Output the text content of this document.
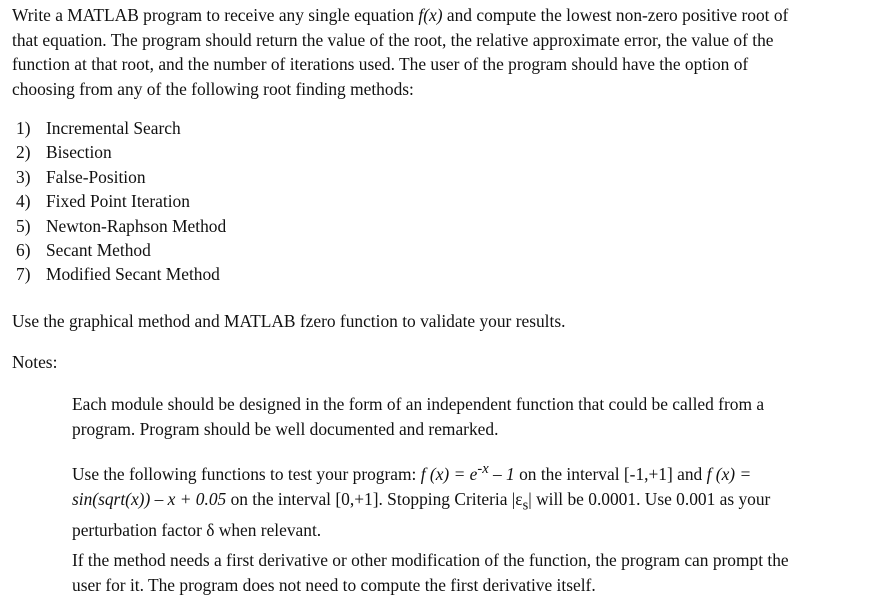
Write a MATLAB program to receive any single equation f(x) and compute the lowest non-zero positive root of that equation. The program should return the value of the root, the relative approximate error, the value of the function at that root, and the number of iterations used. The user of the program should have the option of choosing from any of the following root finding methods:

1) Incremental Search
2) Bisection
3) False-Position
4) Fixed Point Iteration
5) Newton-Raphson Method
6) Secant Method
7) Modified Secant Method

Use the graphical method and MATLAB fzero function to validate your results.

Notes:

Each module should be designed in the form of an independent function that could be called from a program. Program should be well documented and remarked.

Use the following functions to test your program: f $(x) = e^{-x} - 1$ on the interval [-1,+1] and f (x) = sin(sqrt(x)) – x + 0.05 on the interval [0,+1]. Stopping Criteria $|\varepsilon_s|$ will be 0.0001. Use 0.001 as your perturbation factor δ when relevant.

If the method needs a first derivative or other modification of the function, the program can prompt the user for it. The program does not need to compute the first derivative itself.
